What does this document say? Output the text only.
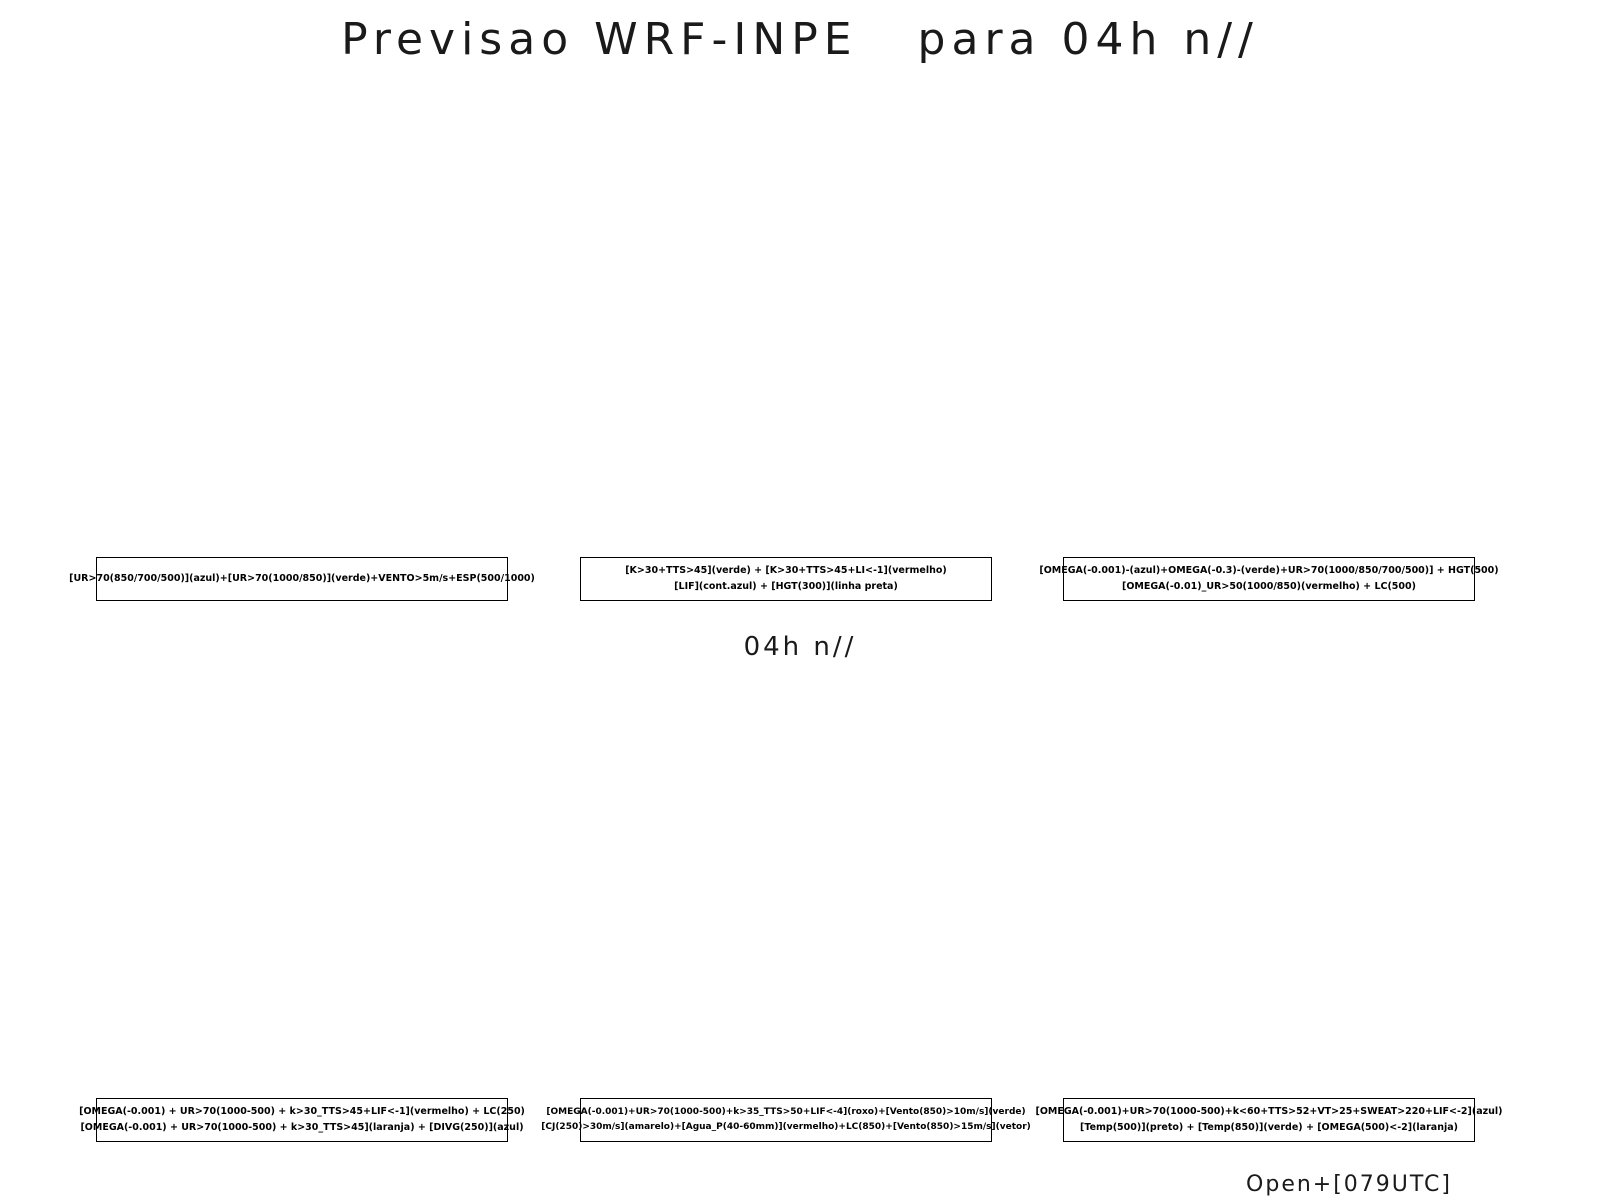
Previsao WRF-INPE   para 04h n//
[UR>70(850/700/500)](azul)+[UR>70(1000/850)](verde)+VENTO>5m/s+ESP(500/1000)
[K>30+TTS>45](verde) + [K>30+TTS>45+LI<-1](vermelho)
[LIF](cont.azul) + [HGT(300)](linha preta)
[OMEGA(-0.001)-(azul)+OMEGA(-0.3)-(verde)+UR>70(1000/850/700/500)] + HGT(500)
[OMEGA(-0.01)_UR>50(1000/850)(vermelho) + LC(500)
04h n//
[OMEGA(-0.001) + UR>70(1000-500) + k>30_TTS>45+LIF<-1](vermelho) + LC(250)
[OMEGA(-0.001) + UR>70(1000-500) + k>30_TTS>45](laranja) + [DIVG(250)](azul)
[OMEGA(-0.001)+UR>70(1000-500)+k>35_TTS>50+LIF<-4](roxo)+[Vento(850)>10m/s](verde)
[CJ(250)>30m/s](amarelo)+[Agua_P(40-60mm)](vermelho)+LC(850)+[Vento(850)>15m/s](vetor)
[OMEGA(-0.001)+UR>70(1000-500)+k<60+TTS>52+VT>25+SWEAT>220+LIF<-2](azul)
[Temp(500)](preto) + [Temp(850)](verde) + [OMEGA(500)<-2](laranja)
Open+[079UTC]
